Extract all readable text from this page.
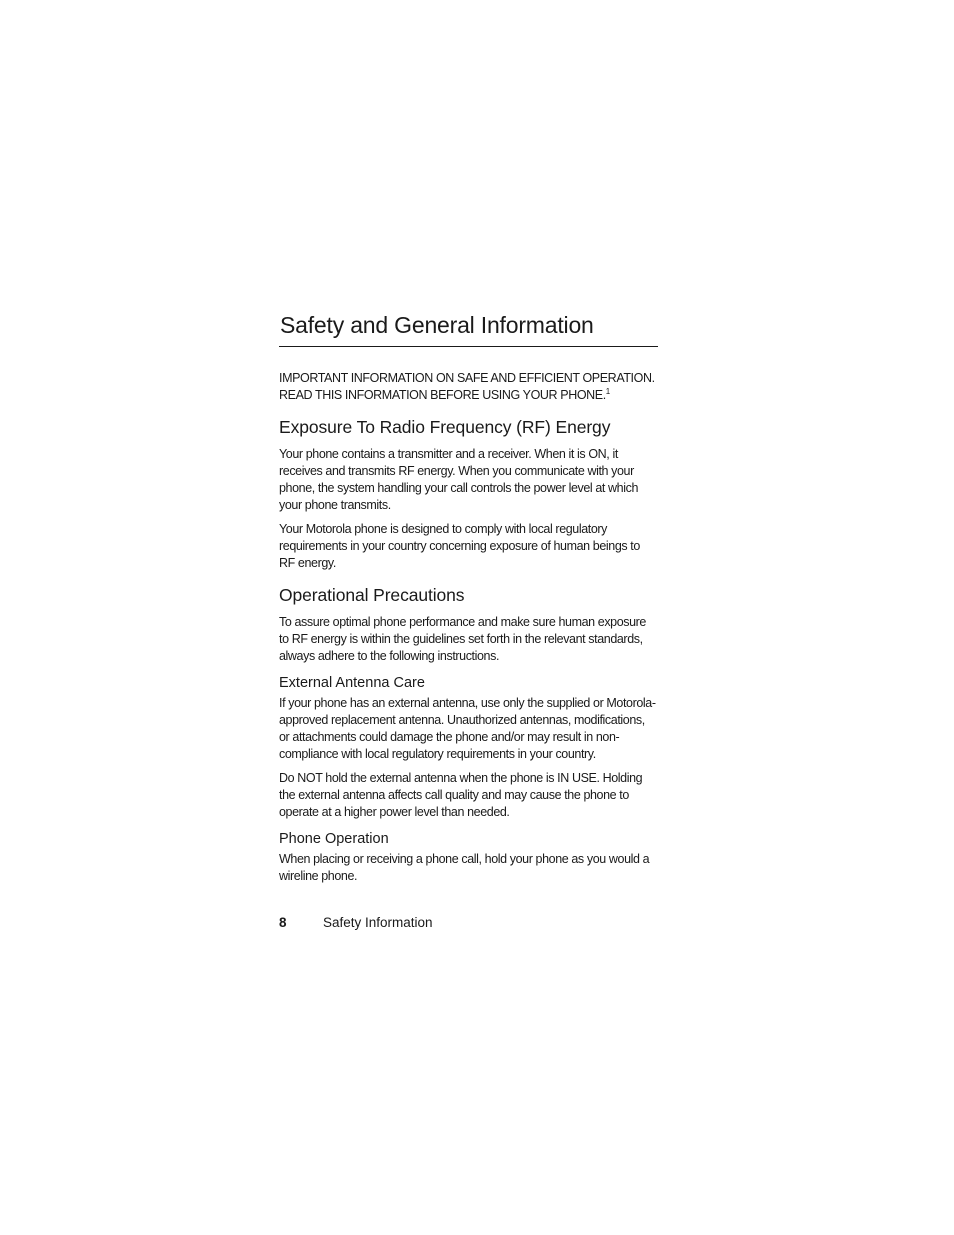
Safety and General Information

IMPORTANT INFORMATION ON SAFE AND EFFICIENT OPERATION. READ THIS INFORMATION BEFORE USING YOUR PHONE.$^1$

Exposure To Radio Frequency (RF) Energy

Your phone contains a transmitter and a receiver. When it is ON, it receives and transmits RF energy. When you communicate with your phone, the system handling your call controls the power level at which your phone transmits.

Your Motorola phone is designed to comply with local regulatory requirements in your country concerning exposure of human beings to RF energy.

Operational Precautions

To assure optimal phone performance and make sure human exposure to RF energy is within the guidelines set forth in the relevant standards, always adhere to the following instructions.

External Antenna Care

If your phone has an external antenna, use only the supplied or Motorola-approved replacement antenna. Unauthorized antennas, modifications, or attachments could damage the phone and/or may result in non-compliance with local regulatory requirements in your country.

Do NOT hold the external antenna when the phone is IN USE. Holding the external antenna affects call quality and may cause the phone to operate at a higher power level than needed.

Phone Operation

When placing or receiving a phone call, hold your phone as you would a wireline phone.

8	Safety Information
